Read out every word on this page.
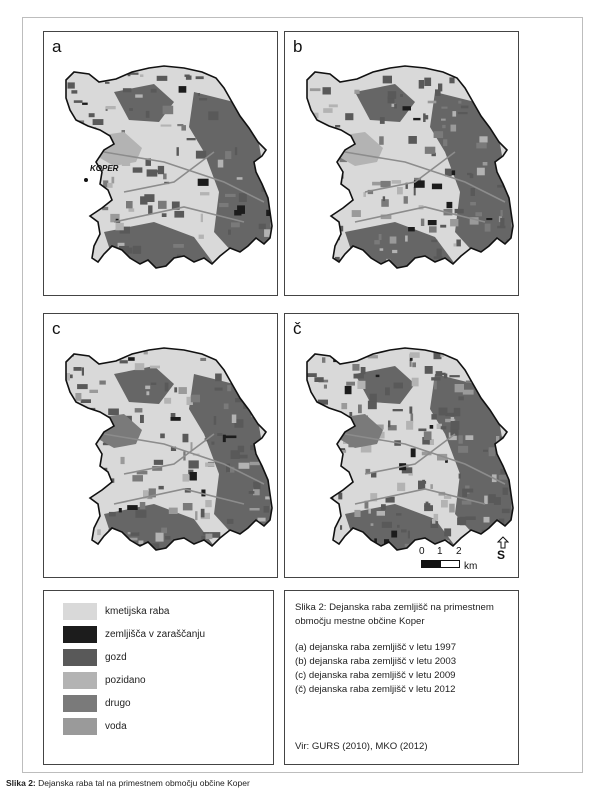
a
KOPER
b
c	č
0 1 2
km
S
kmetijska raba
zemljišča v zaraščanju
gozd
pozidano
drugo
voda

Slika 2: Dejanska raba zemljišč na primestnem območju mestne občine Koper

(a) dejanska raba zemljišč v letu 1997

(b) dejanska raba zemljišč v letu 2003

(c) dejanska raba zemljišč v letu 2009

(č) dejanska raba zemljišč v letu 2012

Vir: GURS (2010), MKO (2012)

Slika 2: Dejanska raba tal na primestnem območju občine Koper
